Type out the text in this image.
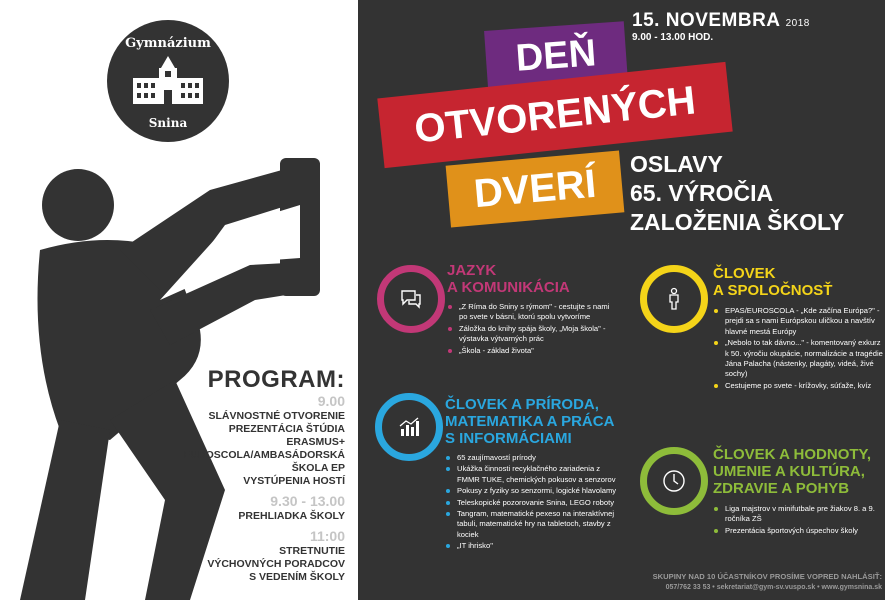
Gymnázium
Snina
15. NOVEMBRA 2018
9.00 - 13.00 HOD.
DEŇ
OTVORENÝCH
DVERÍ	OSLAVY
65. VÝROČIA
ZALOŽENIA ŠKOLY
JAZYK
A KOMUNIKÁCIA
„Z Ríma do Sniny s rýmom" - cestujte s nami po svete v básni, ktorú spolu vytvoríme
Záložka do knihy spája školy, „Moja škola" - výstavka výtvarných prác
„Škola - základ života"
ČLOVEK A PRÍRODA,
MATEMATIKA A PRÁCA
S INFORMÁCIAMI
65 zaujímavostí prírody
Ukážka činnosti recyklačného zariadenia z FMMR TUKE, chemických pokusov a senzorov
Pokusy z fyziky so senzormi, logické hlavolamy
Teleskopické pozorovanie Snina, LEGO roboty
Tangram, matematické pexeso na interaktívnej tabuli, matematické hry na tabletoch, stavby z kociek
„IT ihrisko"
ČLOVEK
A SPOLOČNOSŤ
EPAS/EUROSCOLA - „Kde začína Európa?" - prejdi sa s nami Európskou uličkou a navštív hlavné mestá Európy
„Nebolo to tak dávno..." - komentovaný exkurz k 50. výročiu okupácie, normalizácie a tragédie Jána Palacha (nástenky, plagáty, videá, živé sochy)
Cestujeme po svete - krížovky, súťaže, kvíz
ČLOVEK A HODNOTY,
UMENIE A KULTÚRA,
ZDRAVIE A POHYB
Liga majstrov v minifutbale pre žiakov 8. a 9. ročníka ZŠ
Prezentácia športových úspechov školy
PROGRAM:
9.00
SLÁVNOSTNÉ OTVORENIE
PREZENTÁCIA ŠTÚDIA
ERASMUS+
EUROSCOLA/AMBASÁDORSKÁ
ŠKOLA EP
VYSTÚPENIA HOSTÍ
9.30 - 13.00
PREHLIADKA ŠKOLY
11:00
STRETNUTIE
VÝCHOVNÝCH PORADCOV
S VEDENÍM ŠKOLY	SKUPINY NAD 10 ÚČASTNÍKOV PROSÍME VOPRED NAHLÁSIŤ:
057/762 33 53 • sekretariat@gym-sv.vuspo.sk • www.gymsnina.sk
